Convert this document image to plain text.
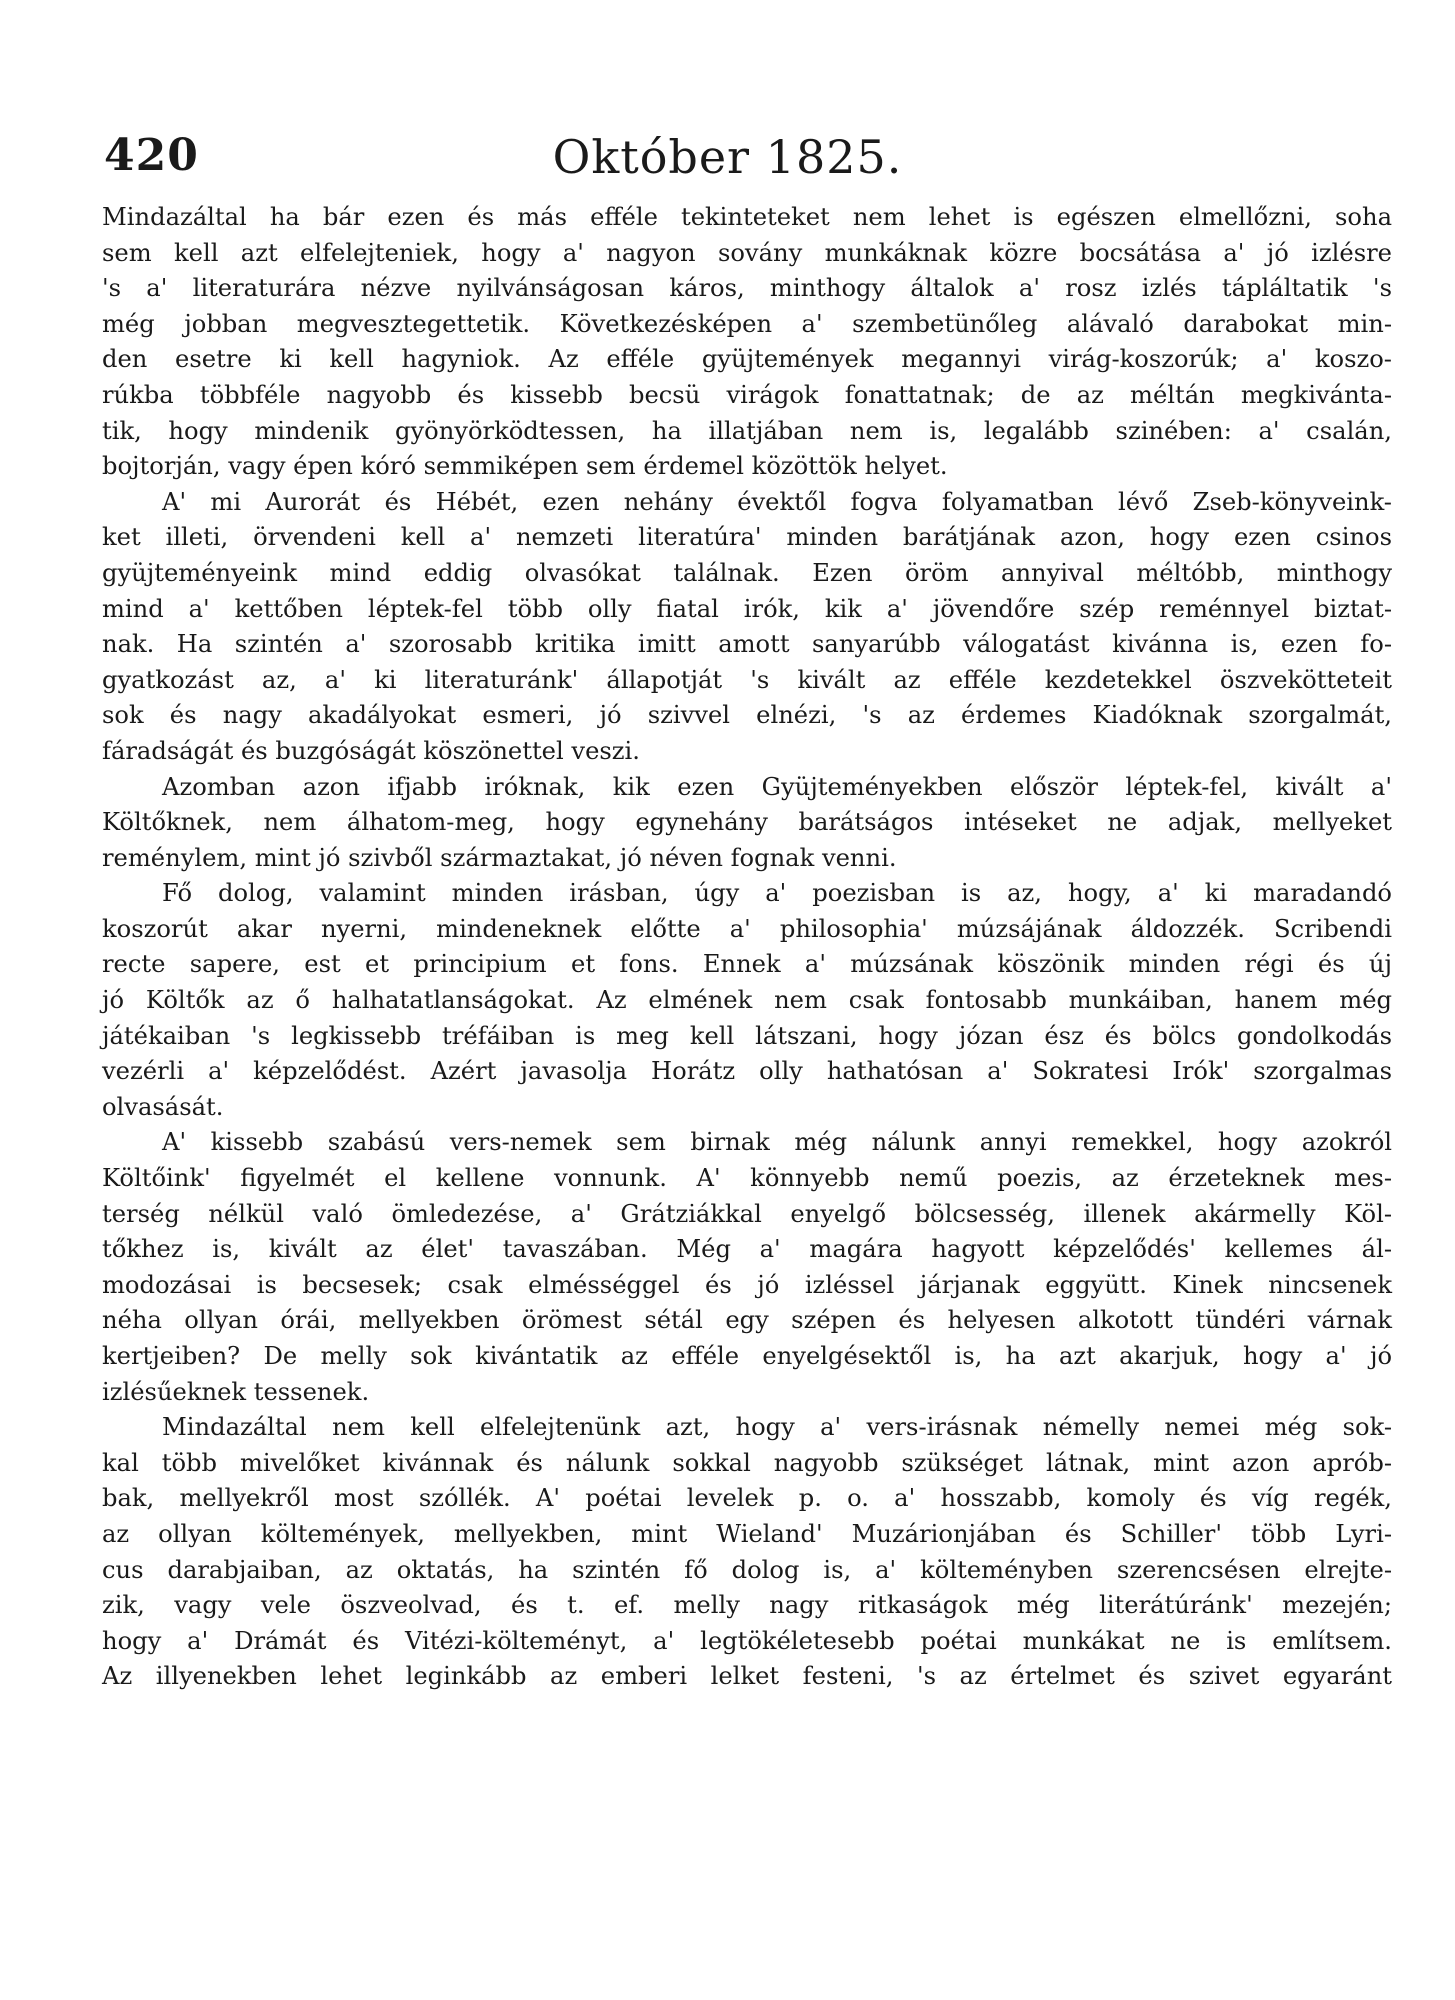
420	Október 1825.
Mindazáltal ha bár ezen és más efféle tekinteteket nem lehet is egészen elmellőzni, soha
sem kell azt elfelejteniek, hogy a' nagyon sovány munkáknak közre bocsátása a' jó izlésre
's a' literaturára nézve nyilvánságosan káros, minthogy általok a' rosz izlés tápláltatik 's
még jobban megvesztegettetik. Következésképen a' szembetünőleg alávaló darabokat min-
den esetre ki kell hagyniok. Az efféle gyüjtemények megannyi virág-koszorúk; a' koszo-
rúkba többféle nagyobb és kissebb becsü virágok fonattatnak; de az méltán megkivánta-
tik, hogy mindenik gyönyörködtessen, ha illatjában nem is, legalább szinében: a' csalán,
bojtorján, vagy épen kóró semmiképen sem érdemel közöttök helyet.
A' mi Aurorát és Hébét, ezen nehány évektől fogva folyamatban lévő Zseb-könyveink-
ket illeti, örvendeni kell a' nemzeti literatúra' minden barátjának azon, hogy ezen csinos
gyüjteményeink mind eddig olvasókat találnak. Ezen öröm annyival méltóbb, minthogy
mind a' kettőben léptek-fel több olly fiatal irók, kik a' jövendőre szép reménnyel biztat-
nak. Ha szintén a' szorosabb kritika imitt amott sanyarúbb válogatást kivánna is, ezen fo-
gyatkozást az, a' ki literaturánk' állapotját 's kivált az efféle kezdetekkel öszvekötteteit
sok és nagy akadályokat esmeri, jó szivvel elnézi, 's az érdemes Kiadóknak szorgalmát,
fáradságát és buzgóságát köszönettel veszi.
Azomban azon ifjabb iróknak, kik ezen Gyüjteményekben először léptek-fel, kivált a'
Költőknek, nem álhatom-meg, hogy egynehány barátságos intéseket ne adjak, mellyeket
reménylem, mint jó szivből származtakat, jó néven fognak venni.
Fő dolog, valamint minden irásban, úgy a' poezisban is az, hogy, a' ki maradandó
koszorút akar nyerni, mindeneknek előtte a' philosophia' múzsájának áldozzék. Scribendi
recte sapere, est et principium et fons. Ennek a' múzsának köszönik minden régi és új
jó Költők az ő halhatatlanságokat. Az elmének nem csak fontosabb munkáiban, hanem még
játékaiban 's legkissebb tréfáiban is meg kell látszani, hogy józan ész és bölcs gondolkodás
vezérli a' képzelődést. Azért javasolja Horátz olly hathatósan a' Sokratesi Irók' szorgalmas
olvasását.
A' kissebb szabású vers-nemek sem birnak még nálunk annyi remekkel, hogy azokról
Költőink' figyelmét el kellene vonnunk. A' könnyebb nemű poezis, az érzeteknek mes-
terség nélkül való ömledezése, a' Grátziákkal enyelgő bölcsesség, illenek akármelly Köl-
tőkhez is, kivált az élet' tavaszában. Még a' magára hagyott képzelődés' kellemes ál-
modozásai is becsesek; csak elmésséggel és jó izléssel járjanak eggyütt. Kinek nincsenek
néha ollyan órái, mellyekben örömest sétál egy szépen és helyesen alkotott tündéri várnak
kertjeiben? De melly sok kivántatik az efféle enyelgésektől is, ha azt akarjuk, hogy a' jó
izlésűeknek tessenek.
Mindazáltal nem kell elfelejtenünk azt, hogy a' vers-irásnak némelly nemei még sok-
kal több mivelőket kivánnak és nálunk sokkal nagyobb szükséget látnak, mint azon aprób-
bak, mellyekről most szóllék. A' poétai levelek p. o. a' hosszabb, komoly és víg regék,
az ollyan költemények, mellyekben, mint Wieland' Muzárionjában és Schiller' több Lyri-
cus darabjaiban, az oktatás, ha szintén fő dolog is, a' költeményben szerencsésen elrejte-
zik, vagy vele öszveolvad, és t. ef. melly nagy ritkaságok még literátúránk' mezején;
hogy a' Drámát és Vitézi-költeményt, a' legtökéletesebb poétai munkákat ne is említsem.
Az illyenekben lehet leginkább az emberi lelket festeni, 's az értelmet és szivet egyaránt
